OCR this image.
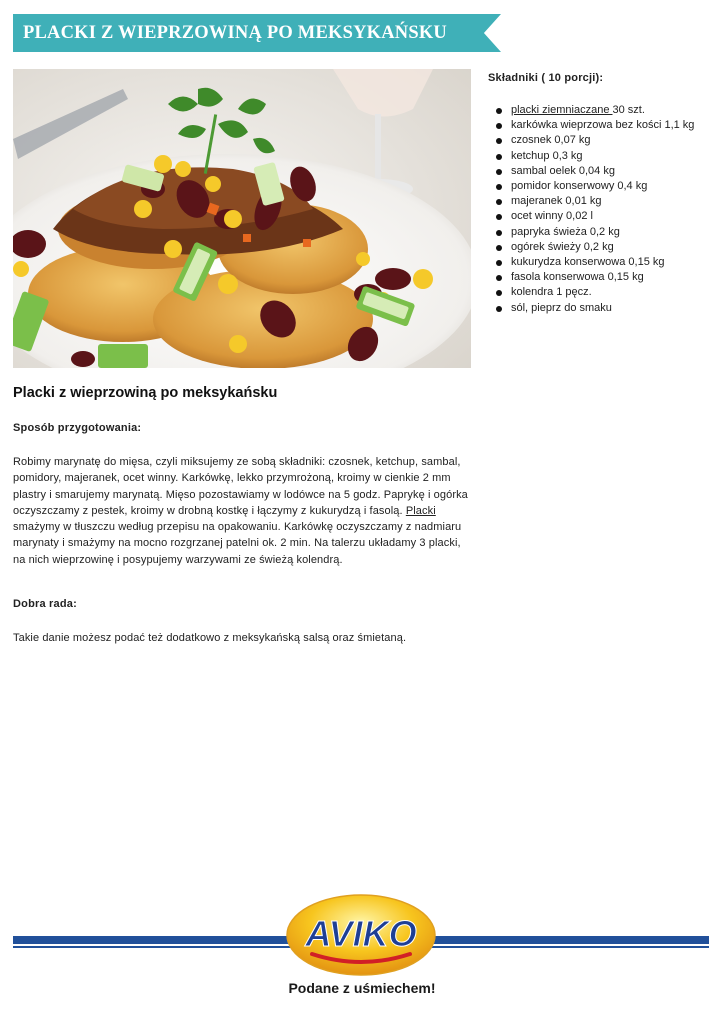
PLACKI Z WIEPRZOWINĄ PO MEKSYKAŃSKU
Składniki ( 10 porcji):
placki ziemniaczane 30 szt.
karkówka wieprzowa bez kości 1,1 kg
czosnek 0,07 kg
ketchup 0,3 kg
sambal oelek 0,04 kg
pomidor konserwowy 0,4 kg
majeranek 0,01 kg
ocet winny 0,02 l
papryka świeża 0,2 kg
ogórek świeży 0,2 kg
kukurydza konserwowa 0,15 kg
fasola konserwowa 0,15 kg
kolendra 1 pęcz.
sól, pieprz do smaku
Placki z wieprzowiną po meksykańsku
Sposób przygotowania:
Robimy marynatę do mięsa, czyli miksujemy ze sobą składniki: czosnek, ketchup, sambal, pomidory, majeranek, ocet winny. Karkówkę, lekko przymrożoną, kroimy w cienkie 2 mm plastry i smarujemy marynatą. Mięso pozostawiamy w lodówce na 5 godz. Paprykę i ogórka oczyszczamy z pestek, kroimy w drobną kostkę i łączymy z kukurydzą i fasolą. Placki smażymy w tłuszczu według przepisu na opakowaniu. Karkówkę oczyszczamy z nadmiaru marynaty i smażymy na mocno rozgrzanej patelni ok. 2 min. Na talerzu układamy 3 placki, na nich wieprzowinę i posypujemy warzywami ze świeżą kolendrą.
Dobra rada:
Takie danie możesz podać też dodatkowo z meksykańską salsą oraz śmietaną.
AVIKO
Podane z uśmiechem!
